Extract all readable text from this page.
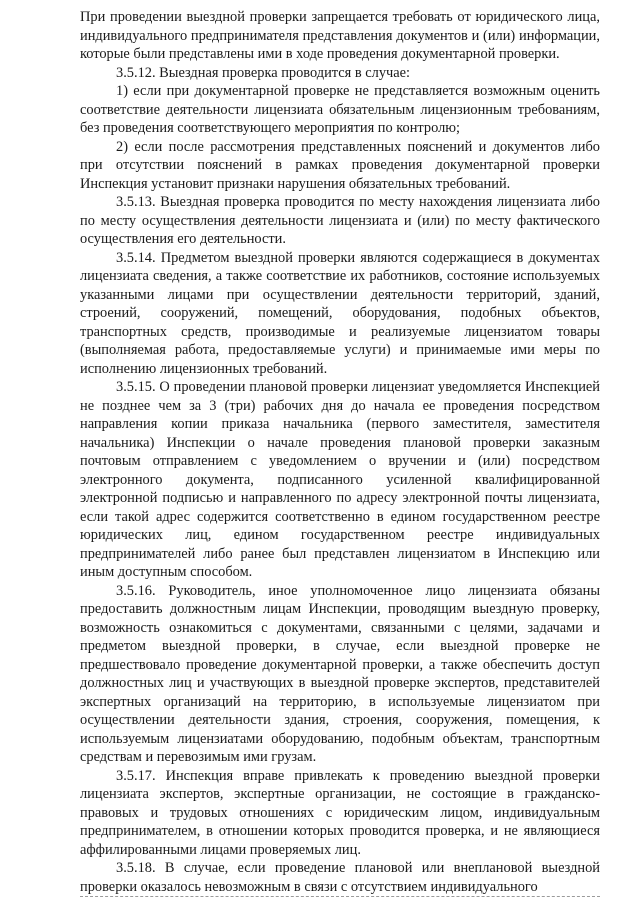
При проведении выездной проверки запрещается требовать от юридического лица, индивидуального предпринимателя представления документов и (или) информации, которые были представлены ими в ходе проведения документарной проверки.

3.5.12. Выездная проверка проводится в случае:

1) если при документарной проверке не представляется возможным оценить соответствие деятельности лицензиата обязательным лицензионным требованиям, без проведения соответствующего мероприятия по контролю;

2) если после рассмотрения представленных пояснений и документов либо при отсутствии пояснений в рамках проведения документарной проверки Инспекция установит признаки нарушения обязательных требований.

3.5.13. Выездная проверка проводится по месту нахождения лицензиата либо по месту осуществления деятельности лицензиата и (или) по месту фактического осуществления его деятельности.

3.5.14. Предметом выездной проверки являются содержащиеся в документах лицензиата сведения, а также соответствие их работников, состояние используемых указанными лицами при осуществлении деятельности территорий, зданий, строений, сооружений, помещений, оборудования, подобных объектов, транспортных средств, производимые и реализуемые лицензиатом товары (выполняемая работа, предоставляемые услуги) и принимаемые ими меры по исполнению лицензионных требований.

3.5.15. О проведении плановой проверки лицензиат уведомляется Инспекцией не позднее чем за 3 (три) рабочих дня до начала ее проведения посредством направления копии приказа начальника (первого заместителя, заместителя начальника) Инспекции о начале проведения плановой проверки заказным почтовым отправлением с уведомлением о вручении и (или) посредством электронного документа, подписанного усиленной квалифицированной электронной подписью и направленного по адресу электронной почты лицензиата, если такой адрес содержится соответственно в едином государственном реестре юридических лиц, едином государственном реестре индивидуальных предпринимателей либо ранее был представлен лицензиатом в Инспекцию или иным доступным способом.

3.5.16. Руководитель, иное уполномоченное лицо лицензиата обязаны предоставить должностным лицам Инспекции, проводящим выездную проверку, возможность ознакомиться с документами, связанными с целями, задачами и предметом выездной проверки, в случае, если выездной проверке не предшествовало проведение документарной проверки, а также обеспечить доступ должностных лиц и участвующих в выездной проверке экспертов, представителей экспертных организаций на территорию, в используемые лицензиатом при осуществлении деятельности здания, строения, сооружения, помещения, к используемым лицензиатами оборудованию, подобным объектам, транспортным средствам и перевозимым ими грузам.

3.5.17. Инспекция вправе привлекать к проведению выездной проверки лицензиата экспертов, экспертные организации, не состоящие в гражданско-правовых и трудовых отношениях с юридическим лицом, индивидуальным предпринимателем, в отношении которых проводится проверка, и не являющиеся аффилированными лицами проверяемых лиц.

3.5.18. В случае, если проведение плановой или внеплановой выездной проверки оказалось невозможным в связи с отсутствием индивидуального
